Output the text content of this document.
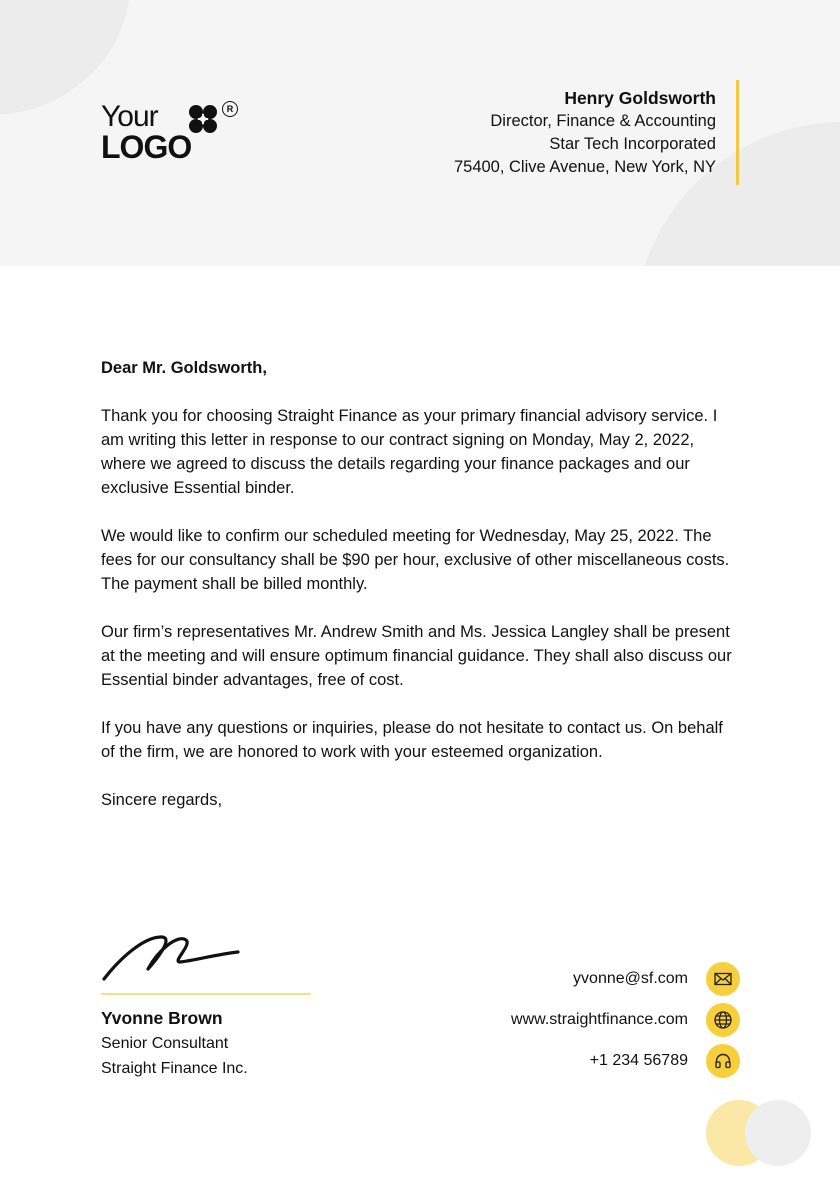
Your	R
LOGO
Henry Goldsworth
Director, Finance & Accounting
Star Tech Incorporated
75400, Clive Avenue, New York, NY

Dear Mr. Goldsworth,

Thank you for choosing Straight Finance as your primary financial advisory service. I am writing this letter in response to our contract signing on Monday, May 2, 2022, where we agreed to discuss the details regarding your finance packages and our exclusive Essential binder.

We would like to confirm our scheduled meeting for Wednesday, May 25, 2022. The fees for our consultancy shall be $90 per hour, exclusive of other miscellaneous costs. The payment shall be billed monthly.

Our firm’s representatives Mr. Andrew Smith and Ms. Jessica Langley shall be present at the meeting and will ensure optimum financial guidance. They shall also discuss our Essential binder advantages, free of cost.

If you have any questions or inquiries, please do not hesitate to contact us. On behalf of the firm, we are honored to work with your esteemed organization.

Sincere regards,

Yvonne Brown
Senior Consultant
Straight Finance Inc.
yvonne@sf.com
www.straightfinance.com
+1 234 56789
